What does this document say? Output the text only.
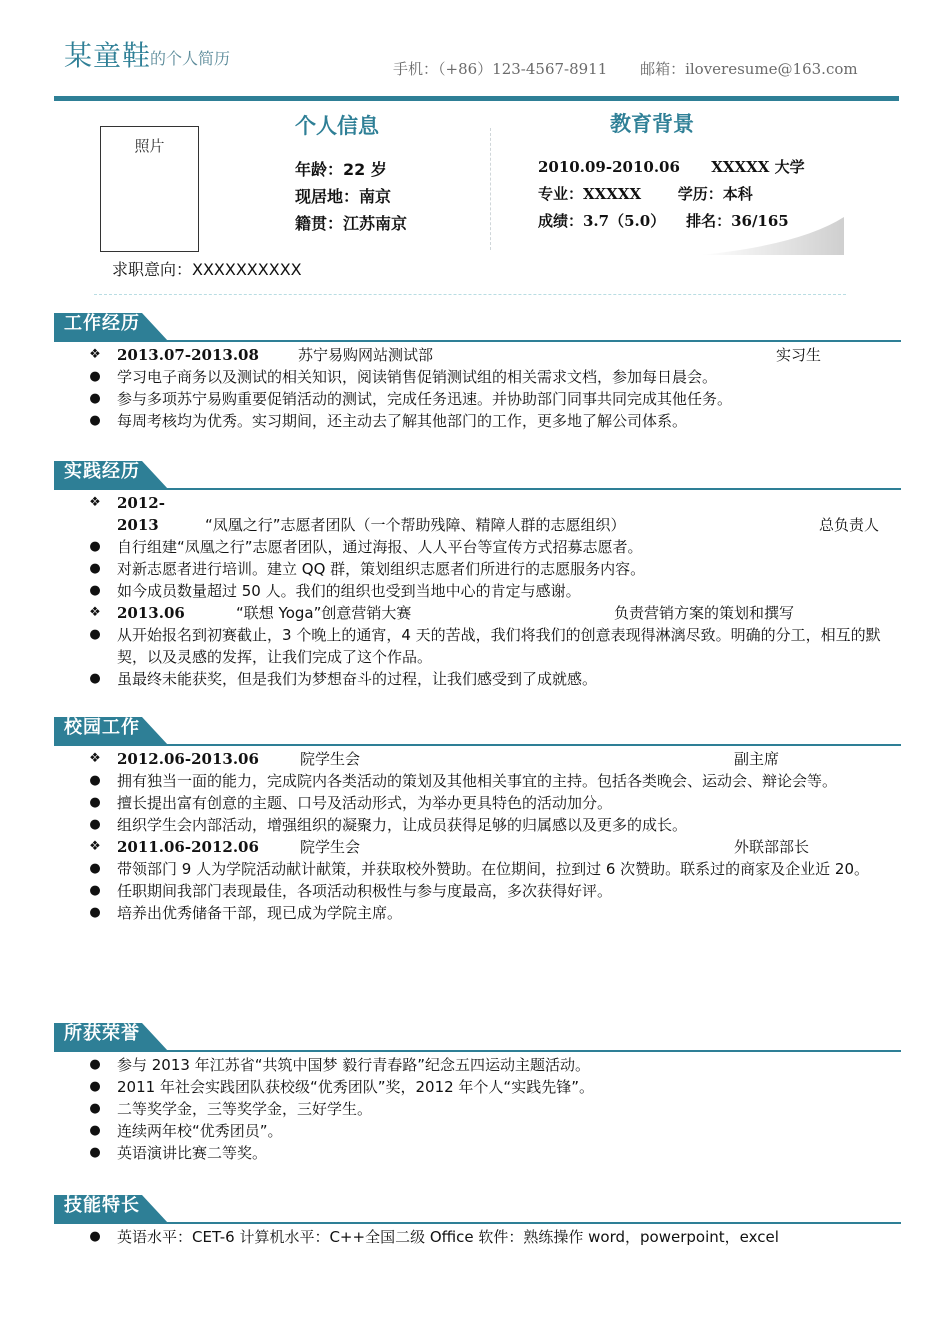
某童鞋
的个人简历
手机：（+86）123-4567-8911 邮箱：iloveresume@163.com
照片
个人信息
年龄：22 岁
现居地：南京
籍贯：江苏南京
教育背景
2010.09-2010.06      XXXXX 大学
专业：XXXXX       学历：本科
成绩：3.7（5.0）    排名：36/165
求职意向：XXXXXXXXXX
工作经历
❖ 2013.07-2013.08	苏宁易购网站测试部	实习生
● 学习电子商务以及测试的相关知识，阅读销售促销测试组的相关需求文档，参加每日晨会。
● 参与多项苏宁易购重要促销活动的测试，完成任务迅速。并协助部门同事共同完成其他任务。
● 每周考核均为优秀。实习期间，还主动去了解其他部门的工作，更多地了解公司体系。
实践经历
❖ 2012-2013	“凤凰之行”志愿者团队（一个帮助残障、精障人群的志愿组织）	总负责人
● 自行组建“凤凰之行”志愿者团队，通过海报、人人平台等宣传方式招募志愿者。
● 对新志愿者进行培训。建立 QQ 群，策划组织志愿者们所进行的志愿服务内容。
● 如今成员数量超过 50 人。我们的组织也受到当地中心的肯定与感谢。
❖ 2013.06	“联想 Yoga”创意营销大赛	负责营销方案的策划和撰写
● 从开始报名到初赛截止，3 个晚上的通宵，4 天的苦战，我们将我们的创意表现得淋漓尽致。明确的分工，相互的默契，以及灵感的发挥，让我们完成了这个作品。
● 虽最终未能获奖，但是我们为梦想奋斗的过程，让我们感受到了成就感。
校园工作
❖ 2012.06-2013.06	院学生会	副主席
● 拥有独当一面的能力，完成院内各类活动的策划及其他相关事宜的主持。包括各类晚会、运动会、辩论会等。
● 擅长提出富有创意的主题、口号及活动形式，为举办更具特色的活动加分。
● 组织学生会内部活动，增强组织的凝聚力，让成员获得足够的归属感以及更多的成长。
❖ 2011.06-2012.06	院学生会	外联部部长
● 带领部门 9 人为学院活动献计献策，并获取校外赞助。在位期间，拉到过 6 次赞助。联系过的商家及企业近 20。
● 任职期间我部门表现最佳，各项活动积极性与参与度最高，多次获得好评。
● 培养出优秀储备干部，现已成为学院主席。
所获荣誉
● 参与 2013 年江苏省“共筑中国梦 毅行青春路”纪念五四运动主题活动。
● 2011 年社会实践团队获校级“优秀团队”奖，2012 年个人“实践先锋”。
● 二等奖学金，三等奖学金，三好学生。
● 连续两年校“优秀团员”。
● 英语演讲比赛二等奖。
技能特长
● 英语水平：CET-6 计算机水平：C++全国二级 Office 软件：熟练操作 word，powerpoint，excel
